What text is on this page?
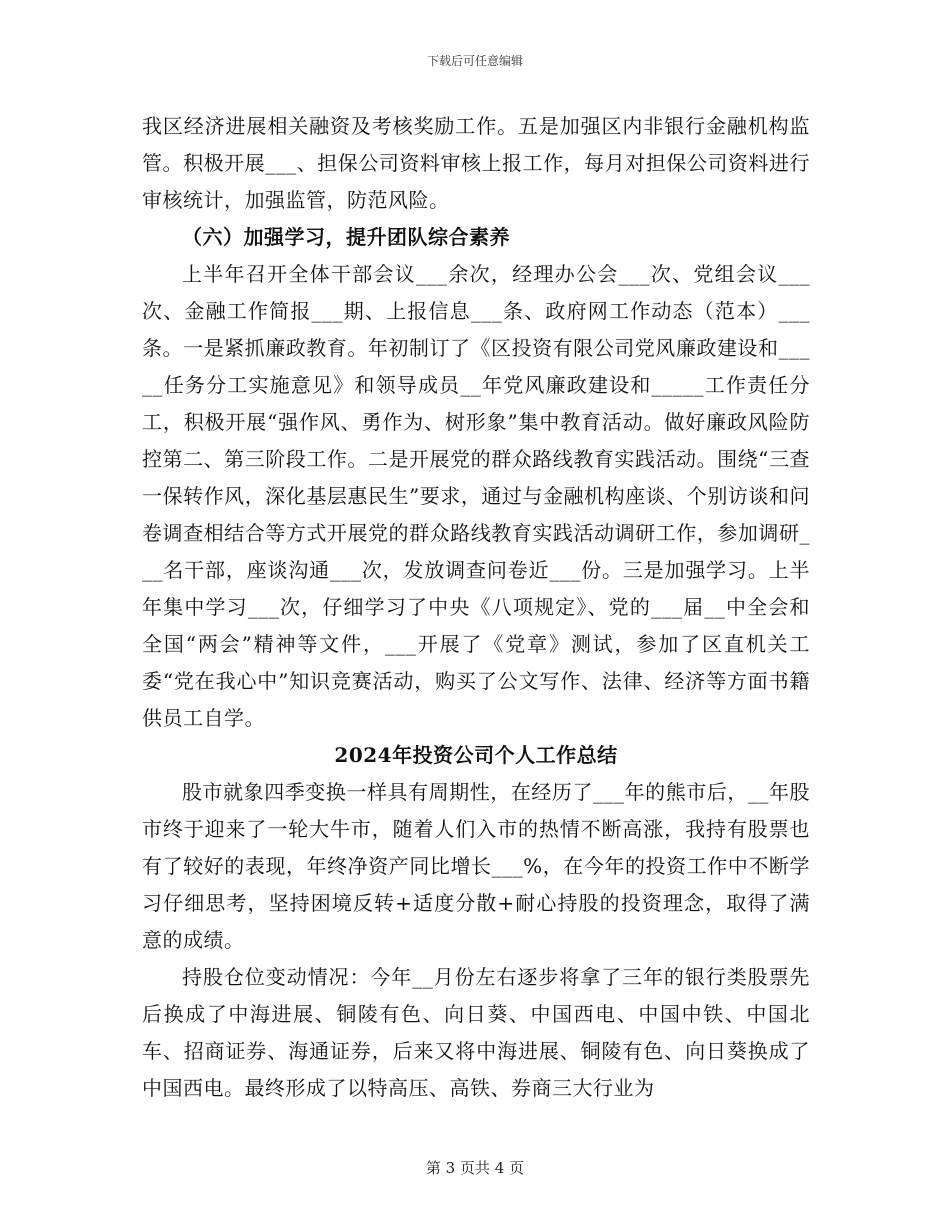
下载后可任意编辑

我区经济进展相关融资及考核奖励工作。五是加强区内非银行金融机构监管。积极开展___、担保公司资料审核上报工作，每月对担保公司资料进行审核统计，加强监管，防范风险。

（六）加强学习，提升团队综合素养

上半年召开全体干部会议___余次，经理办公会___次、党组会议___次、金融工作简报___期、上报信息___条、政府网工作动态（范本）___条。一是紧抓廉政教育。年初制订了《区投资有限公司党风廉政建设和_____任务分工实施意见》和领导成员__年党风廉政建设和_____工作责任分工，积极开展“强作风、勇作为、树形象”集中教育活动。做好廉政风险防控第二、第三阶段工作。二是开展党的群众路线教育实践活动。围绕“三查一保转作风，深化基层惠民生”要求，通过与金融机构座谈、个别访谈和问卷调查相结合等方式开展党的群众路线教育实践活动调研工作，参加调研___名干部，座谈沟通___次，发放调查问卷近___份。三是加强学习。上半年集中学习___次，仔细学习了中央《八项规定》、党的___届__中全会和全国“两会”精神等文件，___开展了《党章》测试，参加了区直机关工委“党在我心中”知识竞赛活动，购买了公文写作、法律、经济等方面书籍供员工自学。

2024年投资公司个人工作总结

股市就象四季变换一样具有周期性，在经历了___年的熊市后，__年股市终于迎来了一轮大牛市，随着人们入市的热情不断高涨，我持有股票也有了较好的表现，年终净资产同比增长___%，在今年的投资工作中不断学习仔细思考，坚持困境反转+适度分散+耐心持股的投资理念，取得了满意的成绩。

持股仓位变动情况：今年__月份左右逐步将拿了三年的银行类股票先后换成了中海进展、铜陵有色、向日葵、中国西电、中国中铁、中国北车、招商证券、海通证券，后来又将中海进展、铜陵有色、向日葵换成了中国西电。最终形成了以特高压、高铁、券商三大行业为

第 3 页共 4 页
